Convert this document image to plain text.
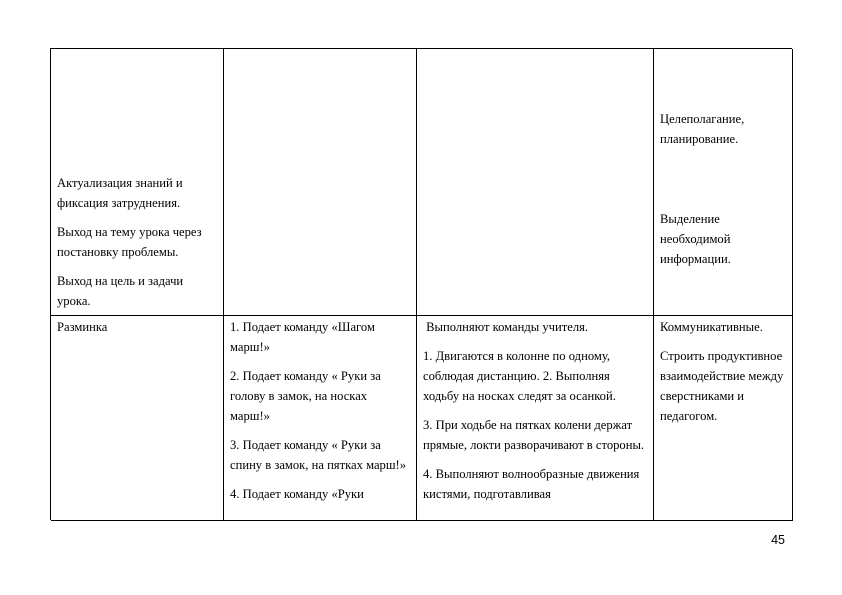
Актуализация знаний и фиксация затруднения.

Выход на тему урока через постановку проблемы.

Выход на цель и задачи урока.

Целеполагание, планирование.

Выделение необходимой информации.

Разминка	1. Подает команду «Шагом марш!»

2. Подает команду « Руки за голову в замок, на носках марш!»

3. Подает команду « Руки за спину в замок, на пятках марш!»

4. Подает команду «Руки

Выполняют команды учителя.

1. Двигаются в колонне по одному, соблюдая дистанцию. 2. Выполняя ходьбу на носках следят за осанкой.

3. При ходьбе на пятках колени держат прямые, локти разворачивают в стороны.

4. Выполняют волнообразные движения кистями, подготавливая

Коммуникативные.

Строить продуктивное взаимодействие между сверстниками и педагогом.

45
